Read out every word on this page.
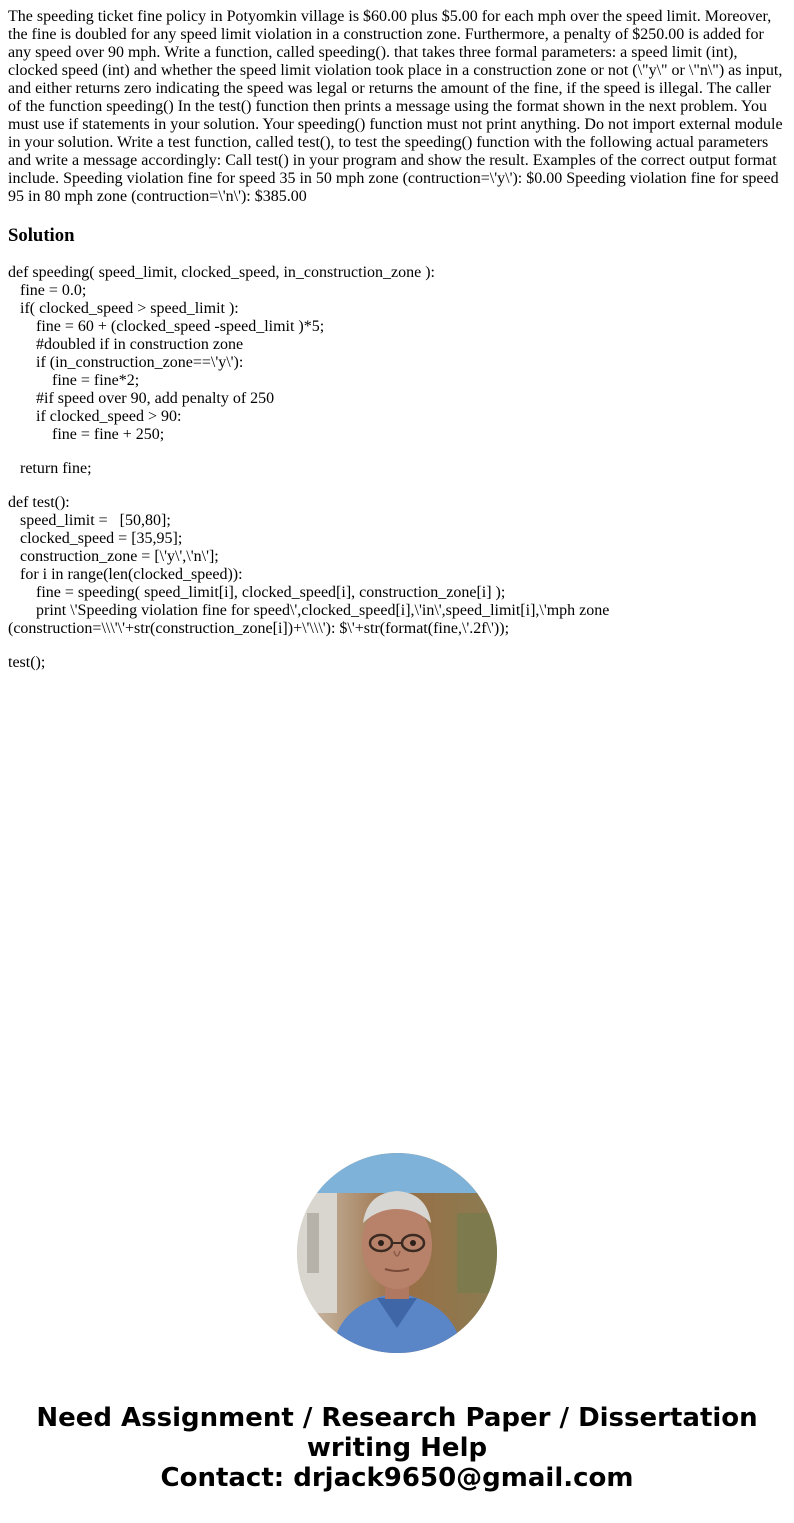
The speeding ticket fine policy in Potyomkin village is $60.00 plus $5.00 for each mph over the speed limit. Moreover, the fine is doubled for any speed limit violation in a construction zone. Furthermore, a penalty of $250.00 is added for any speed over 90 mph. Write a function, called speeding(). that takes three formal parameters: a speed limit (int), clocked speed (int) and whether the speed limit violation took place in a construction zone or not (\"y\" or \"n\") as input, and either returns zero indicating the speed was legal or returns the amount of the fine, if the speed is illegal. The caller of the function speeding() In the test() function then prints a message using the format shown in the next problem. You must use if statements in your solution. Your speeding() function must not print anything. Do not import external module in your solution. Write a test function, called test(), to test the speeding() function with the following actual parameters and write a message accordingly: Call test() in your program and show the result. Examples of the correct output format include. Speeding violation fine for speed 35 in 50 mph zone (contruction=\'y\'): $0.00 Speeding violation fine for speed 95 in 80 mph zone (contruction=\'n\'): $385.00

Solution
def speeding( speed_limit, clocked_speed, in_construction_zone ):
fine = 0.0;
if( clocked_speed > speed_limit ):
fine = 60 + (clocked_speed -speed_limit )*5;
#doubled if in construction zone
if (in_construction_zone==\'y\'):
fine = fine*2;
#if speed over 90, add penalty of 250
if clocked_speed > 90:
fine = fine + 250;
return fine;
def test():
speed_limit =   [50,80];
clocked_speed = [35,95];
construction_zone = [\'y\',\'n\'];
for i in range(len(clocked_speed)):
fine = speeding( speed_limit[i], clocked_speed[i], construction_zone[i] );
print \'Speeding violation fine for speed\',clocked_speed[i],\'in\',speed_limit[i],\'mph zone (construction=\\\'\'+str(construction_zone[i])+\'\\\'): $\'+str(format(fine,\'.2f\'));
test();
Need Assignment / Research Paper / Dissertation
writing Help
Contact: drjack9650@gmail.com
